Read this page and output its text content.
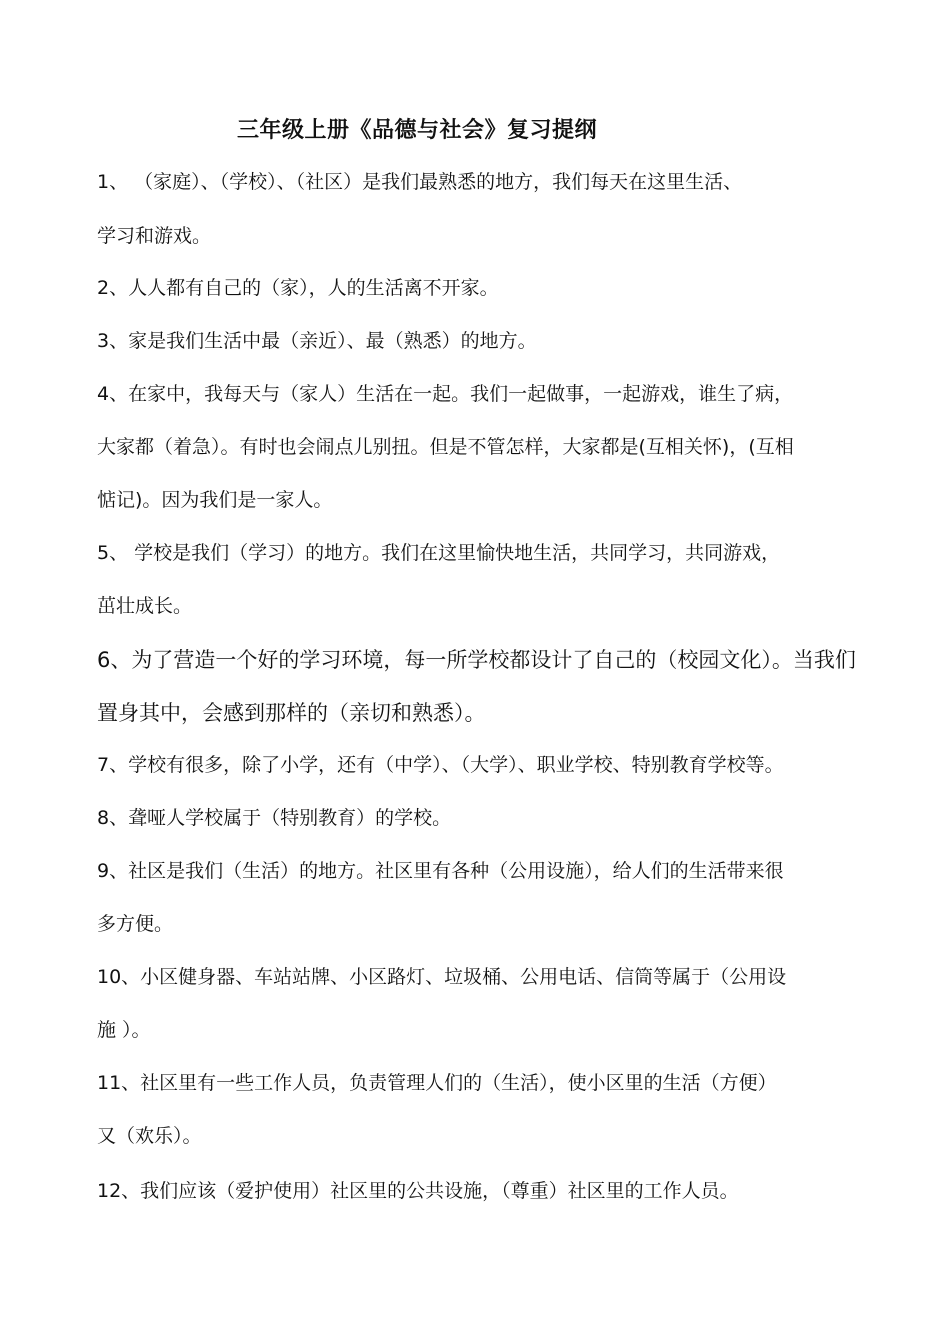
三年级上册《品德与社会》复习提纲
1、 （家庭）、（学校）、（社区）是我们最熟悉的地方，我们每天在这里生活、
学习和游戏。
2、人人都有自己的（家），人的生活离不开家。
3、家是我们生活中最（亲近）、最（熟悉）的地方。
4、在家中，我每天与（家人）生活在一起。我们一起做事，一起游戏，谁生了病，
大家都（着急）。有时也会闹点儿别扭。但是不管怎样，大家都是(互相关怀)，(互相
惦记)。因为我们是一家人。
5、 学校是我们（学习）的地方。我们在这里愉快地生活，共同学习，共同游戏，
茁壮成长。
6、为了营造一个好的学习环境，每一所学校都设计了自己的（校园文化）。当我们
置身其中，会感到那样的（亲切和熟悉）。
7、学校有很多，除了小学，还有（中学）、（大学）、职业学校、特别教育学校等。
8、聋哑人学校属于（特别教育）的学校。
9、社区是我们（生活）的地方。社区里有各种（公用设施），给人们的生活带来很
多方便。
10、小区健身器、车站站牌、小区路灯、垃圾桶、公用电话、信筒等属于（公用设
施 ）。
11、社区里有一些工作人员，负责管理人们的（生活），使小区里的生活（方便）
又（欢乐）。
12、我们应该（爱护使用）社区里的公共设施，（尊重）社区里的工作人员。
